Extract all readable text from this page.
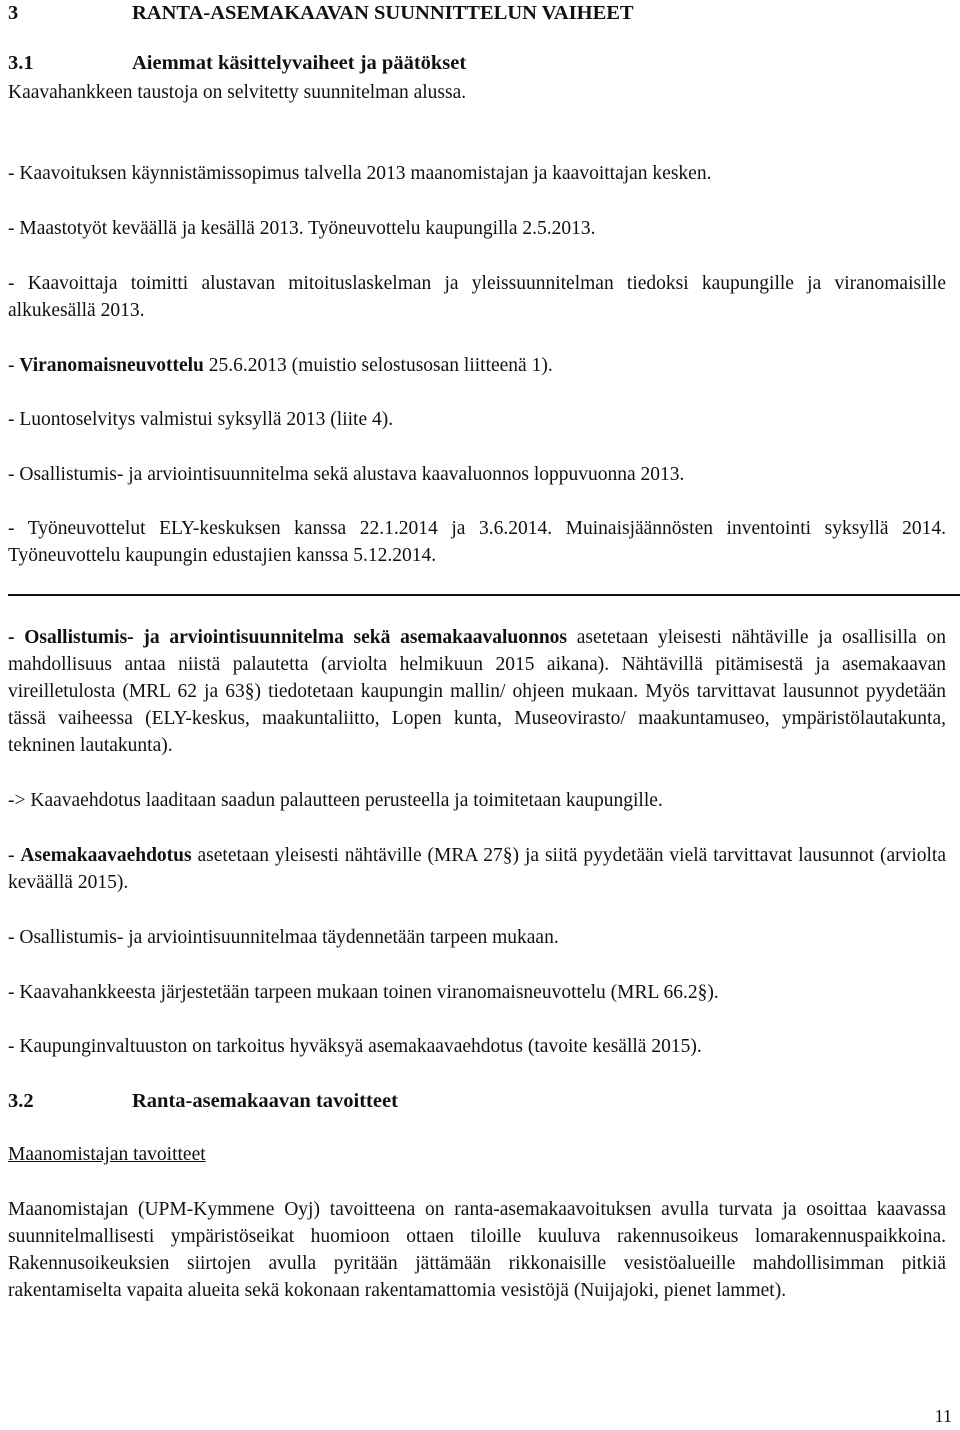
3	RANTA-ASEMAKAAVAN SUUNNITTELUN VAIHEET
3.1	Aiemmat käsittelyvaiheet ja päätökset
Kaavahankkeen taustoja on selvitetty suunnitelman alussa.
- Kaavoituksen käynnistämissopimus talvella 2013 maanomistajan ja kaavoittajan kesken.
- Maastotyöt keväällä ja kesällä 2013. Työneuvottelu kaupungilla 2.5.2013.
- Kaavoittaja toimitti alustavan mitoituslaskelman ja yleissuunnitelman tiedoksi kaupungille ja viranomaisille alkukesällä 2013.
- Viranomaisneuvottelu 25.6.2013 (muistio selostusosan liitteenä 1).
- Luontoselvitys valmistui syksyllä 2013 (liite 4).
- Osallistumis- ja arviointisuunnitelma sekä alustava kaavaluonnos loppuvuonna 2013.
- Työneuvottelut ELY-keskuksen kanssa 22.1.2014 ja 3.6.2014. Muinaisjäännösten inventointi syksyllä 2014. Työneuvottelu kaupungin edustajien kanssa 5.12.2014.
- Osallistumis- ja arviointisuunnitelma sekä asemakaavaluonnos asetetaan yleisesti nähtäville ja osallisilla on mahdollisuus antaa niistä palautetta (arviolta helmikuun 2015 aikana). Nähtävillä pitämisestä ja asemakaavan vireilletulosta (MRL 62 ja 63§) tiedotetaan kaupungin mallin/ ohjeen mukaan. Myös tarvittavat lausunnot pyydetään tässä vaiheessa (ELY-keskus, maakuntaliitto, Lopen kunta, Museovirasto/ maakuntamuseo, ympäristölautakunta, tekninen lautakunta).
-> Kaavaehdotus laaditaan saadun palautteen perusteella ja toimitetaan kaupungille.
- Asemakaavaehdotus asetetaan yleisesti nähtäville (MRA 27§) ja siitä pyydetään vielä tarvittavat lausunnot (arviolta keväällä 2015).
- Osallistumis- ja arviointisuunnitelmaa täydennetään tarpeen mukaan.
- Kaavahankkeesta järjestetään tarpeen mukaan toinen viranomaisneuvottelu (MRL 66.2§).
- Kaupunginvaltuuston on tarkoitus hyväksyä asemakaavaehdotus (tavoite kesällä 2015).
3.2	Ranta-asemakaavan tavoitteet
Maanomistajan tavoitteet
Maanomistajan (UPM-Kymmene Oyj) tavoitteena on ranta-asemakaavoituksen avulla turvata ja osoittaa kaavassa suunnitelmallisesti ympäristöseikat huomioon ottaen tiloille kuuluva rakennusoikeus lomarakennuspaikkoina. Rakennusoikeuksien siirtojen avulla pyritään jättämään rikkonaisille vesistöalueille mahdollisimman pitkiä rakentamiselta vapaita alueita sekä kokonaan rakentamattomia vesistöjä (Nuijajoki, pienet lammet).
11
